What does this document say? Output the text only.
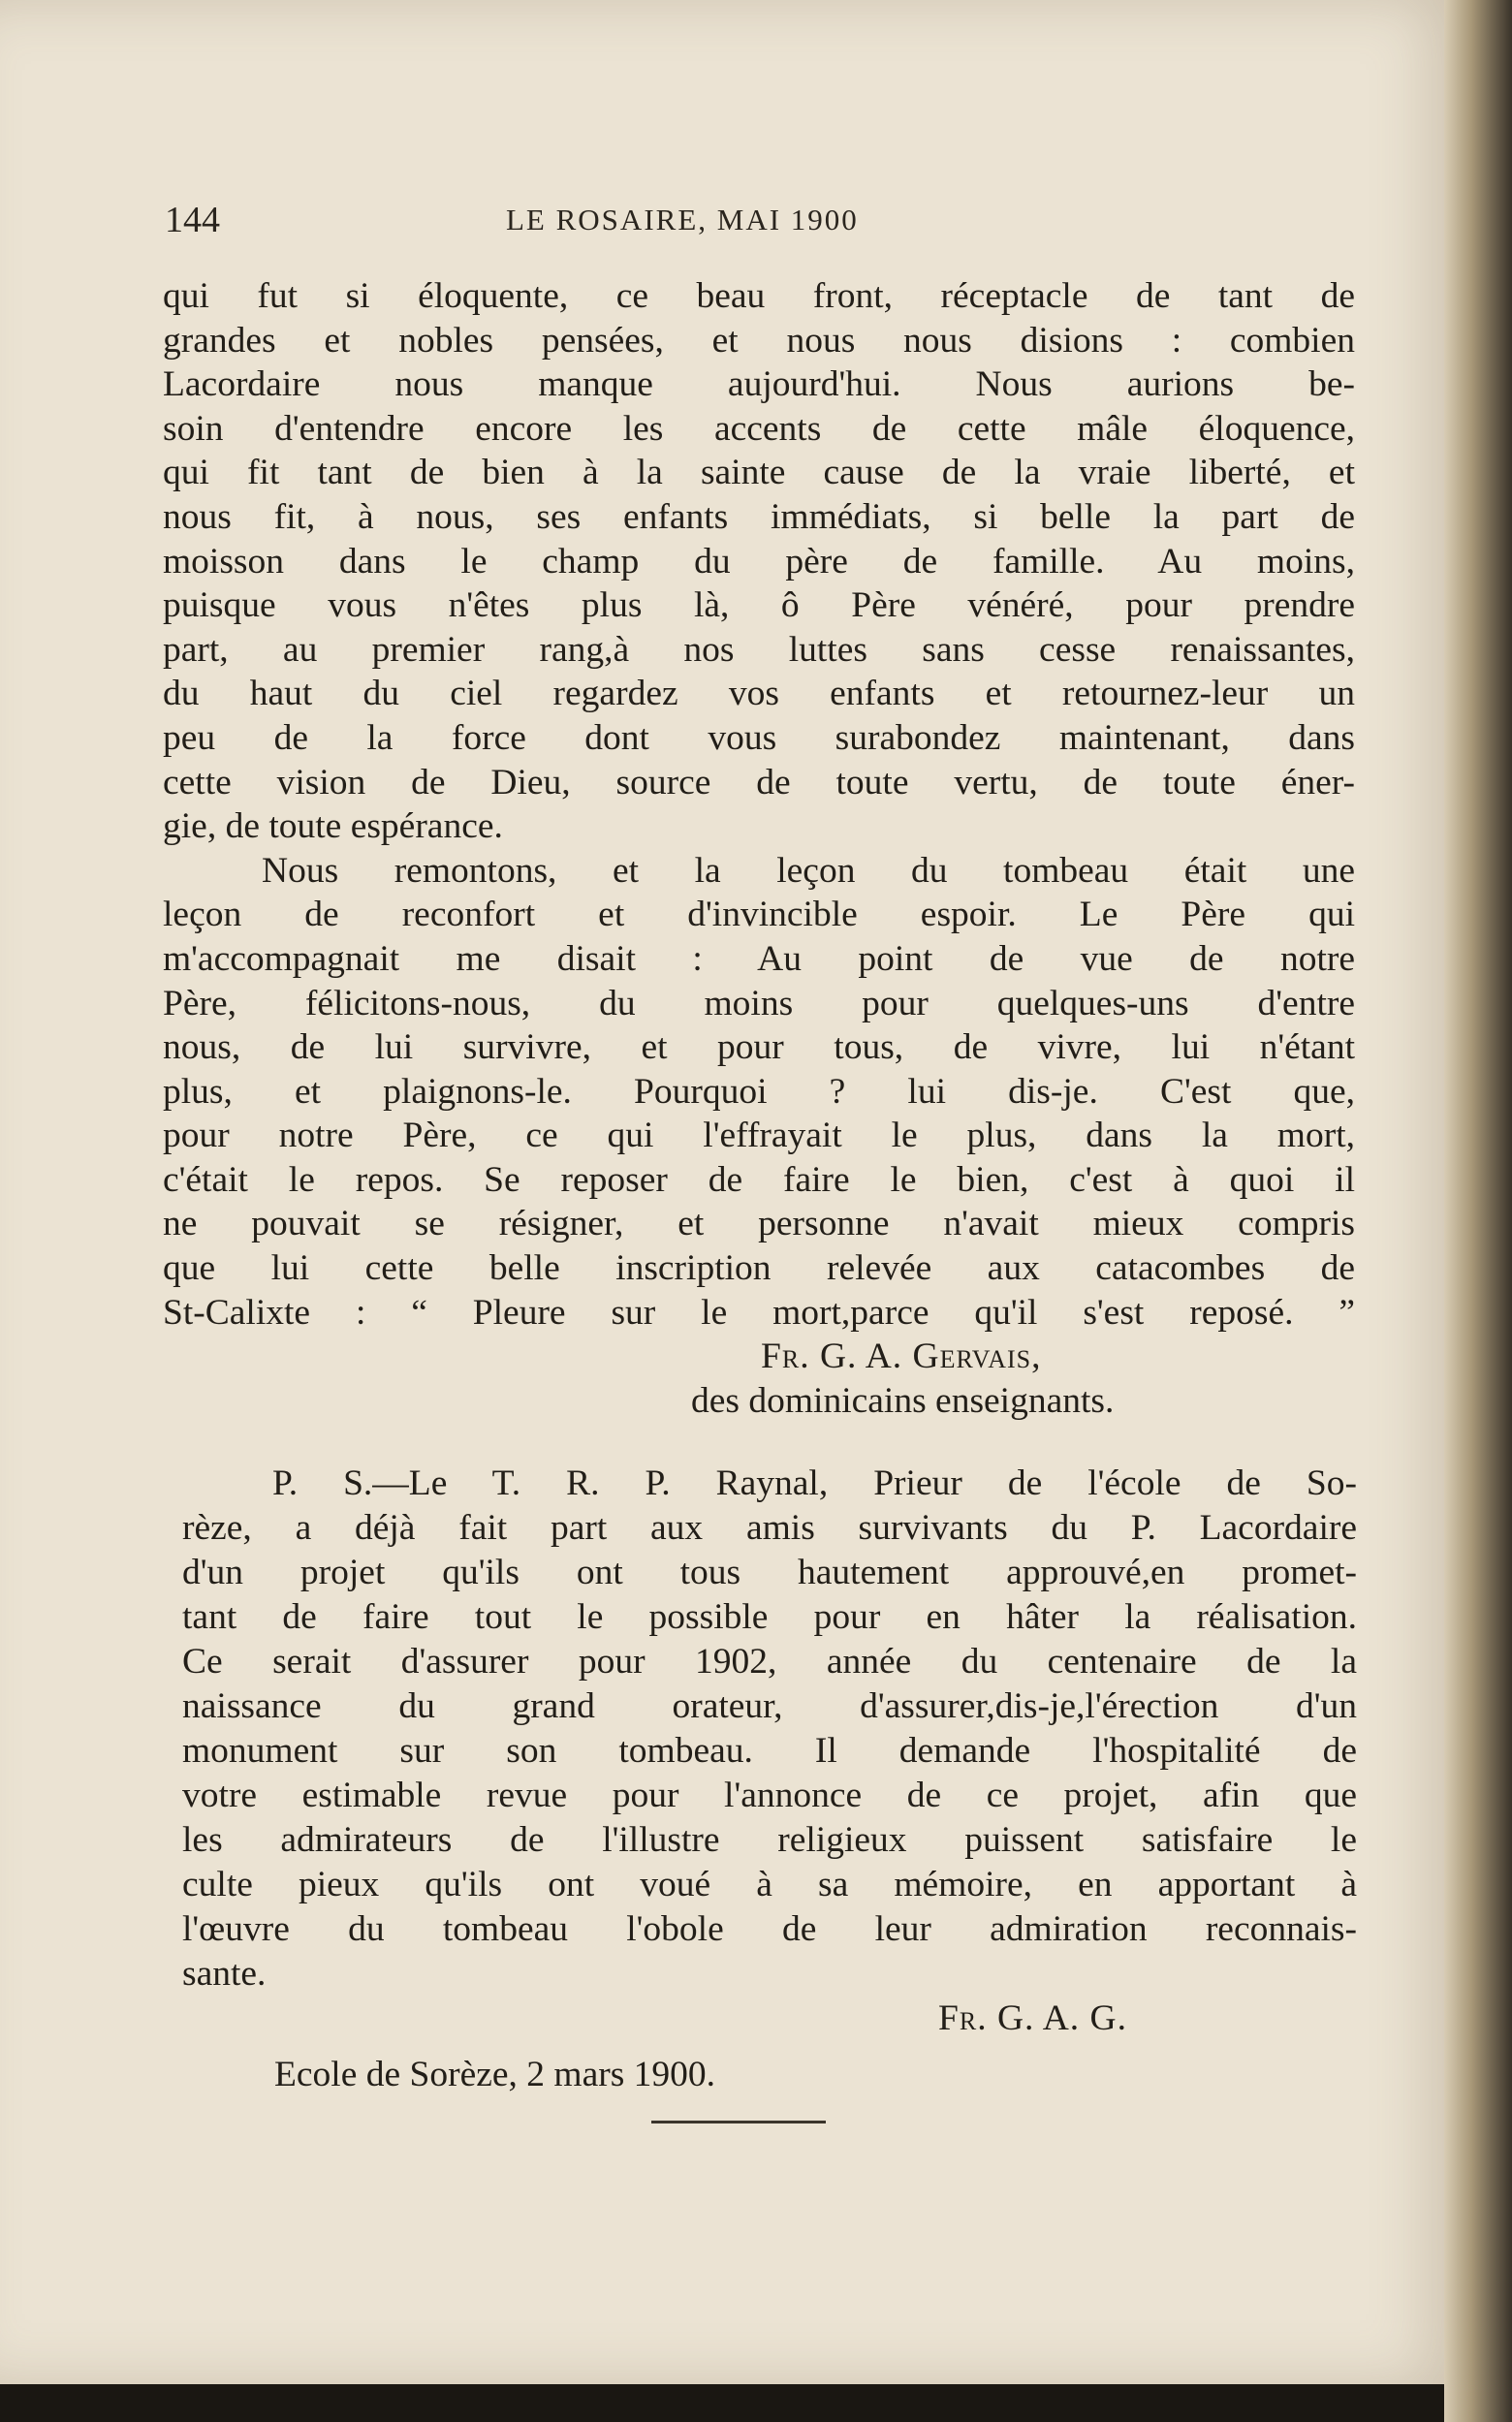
144	LE ROSAIRE, MAI 1900
qui fut si éloquente, ce beau front, réceptacle de tant de
grandes et nobles pensées, et nous nous disions : combien
Lacordaire nous manque aujourd'hui. Nous aurions be-
soin d'entendre encore les accents de cette mâle éloquence,
qui fit tant de bien à la sainte cause de la vraie liberté, et
nous fit, à nous, ses enfants immédiats, si belle la part de
moisson dans le champ du père de famille. Au moins,
puisque vous n'êtes plus là, ô Père vénéré, pour prendre
part, au premier rang,à nos luttes sans cesse renaissantes,
du haut du ciel regardez vos enfants et retournez-leur un
peu de la force dont vous surabondez maintenant, dans
cette vision de Dieu, source de toute vertu, de toute éner-
gie, de toute espérance.
Nous remontons, et la leçon du tombeau était une
leçon de reconfort et d'invincible espoir. Le Père qui
m'accompagnait me disait : Au point de vue de notre
Père, félicitons-nous, du moins pour quelques-uns d'entre
nous, de lui survivre, et pour tous, de vivre, lui n'étant
plus, et plaignons-le. Pourquoi ? lui dis-je. C'est que,
pour notre Père, ce qui l'effrayait le plus, dans la mort,
c'était le repos. Se reposer de faire le bien, c'est à quoi il
ne pouvait se résigner, et personne n'avait mieux compris
que lui cette belle inscription relevée aux catacombes de
St-Calixte : “ Pleure sur le mort,parce qu'il s'est reposé. ”
Fr. G. A. Gervais,
des dominicains enseignants.
P. S.—Le T. R. P. Raynal, Prieur de l'école de So-
rèze, a déjà fait part aux amis survivants du P. Lacordaire
d'un projet qu'ils ont tous hautement approuvé,en promet-
tant de faire tout le possible pour en hâter la réalisation.
Ce serait d'assurer pour 1902, année du centenaire de la
naissance du grand orateur, d'assurer,dis-je,l'érection d'un
monument sur son tombeau. Il demande l'hospitalité de
votre estimable revue pour l'annonce de ce projet, afin que
les admirateurs de l'illustre religieux puissent satisfaire le
culte pieux qu'ils ont voué à sa mémoire, en apportant à
l'œuvre du tombeau l'obole de leur admiration reconnais-
sante.
Fr. G. A. G.
Ecole de Sorèze, 2 mars 1900.
